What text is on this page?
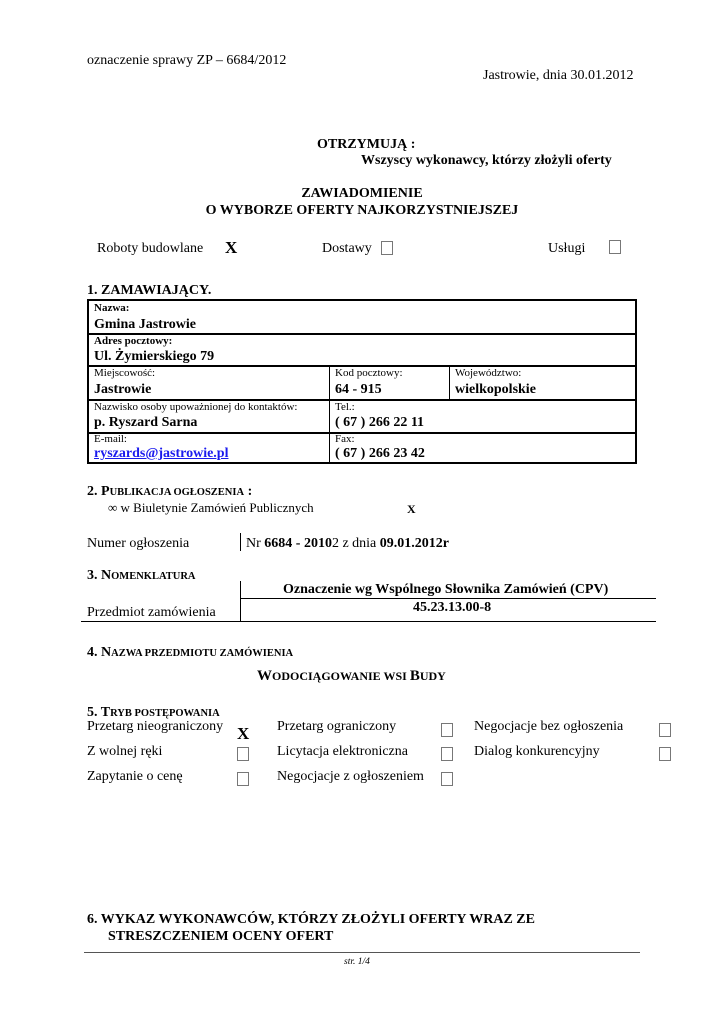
oznaczenie sprawy ZP – 6684/2012
Jastrowie, dnia 30.01.2012
OTRZYMUJĄ :
Wszyscy wykonawcy, którzy złożyli oferty
ZAWIADOMIENIE
O WYBORZE OFERTY NAJKORZYSTNIEJSZEJ
Roboty budowlane X	Dostawy	Usługi
1. ZAMAWIAJĄCY.
Nazwa:
Gmina Jastrowie
Adres pocztowy:
Ul. Żymierskiego 79
Miejscowość:
Jastrowie
Kod pocztowy:
64 - 915
Województwo:
wielkopolskie
Nazwisko osoby upoważnionej do kontaktów:
p. Ryszard Sarna
Tel.:
( 67 ) 266 22 11
E-mail:
ryszards@jastrowie.pl
Fax:
( 67 ) 266 23 42
2. PUBLIKACJA OGŁOSZENIA :
∞ w Biuletynie Zamówień Publicznych	X
Numer ogłoszenia	Nr 6684 - 20102 z dnia 09.01.2012r
3. NOMENKLATURA
Oznaczenie wg Wspólnego Słownika Zamówień (CPV)
45.23.13.00-8
Przedmiot zamówienia
4. NAZWA PRZEDMIOTU ZAMÓWIENIA
WODOCIĄGOWANIE WSI BUDY
5. TRYB POSTĘPOWANIA
Przetarg nieograniczony X Przetarg ograniczony	Negocjacje bez ogłoszenia
Z wolnej ręki	Licytacja elektroniczna	Dialog konkurencyjny
Zapytanie o cenę	Negocjacje z ogłoszeniem
6. WYKAZ WYKONAWCÓW, KTÓRZY ZŁOŻYLI OFERTY WRAZ ZE
STRESZCZENIEM OCENY OFERT
str. 1/4
